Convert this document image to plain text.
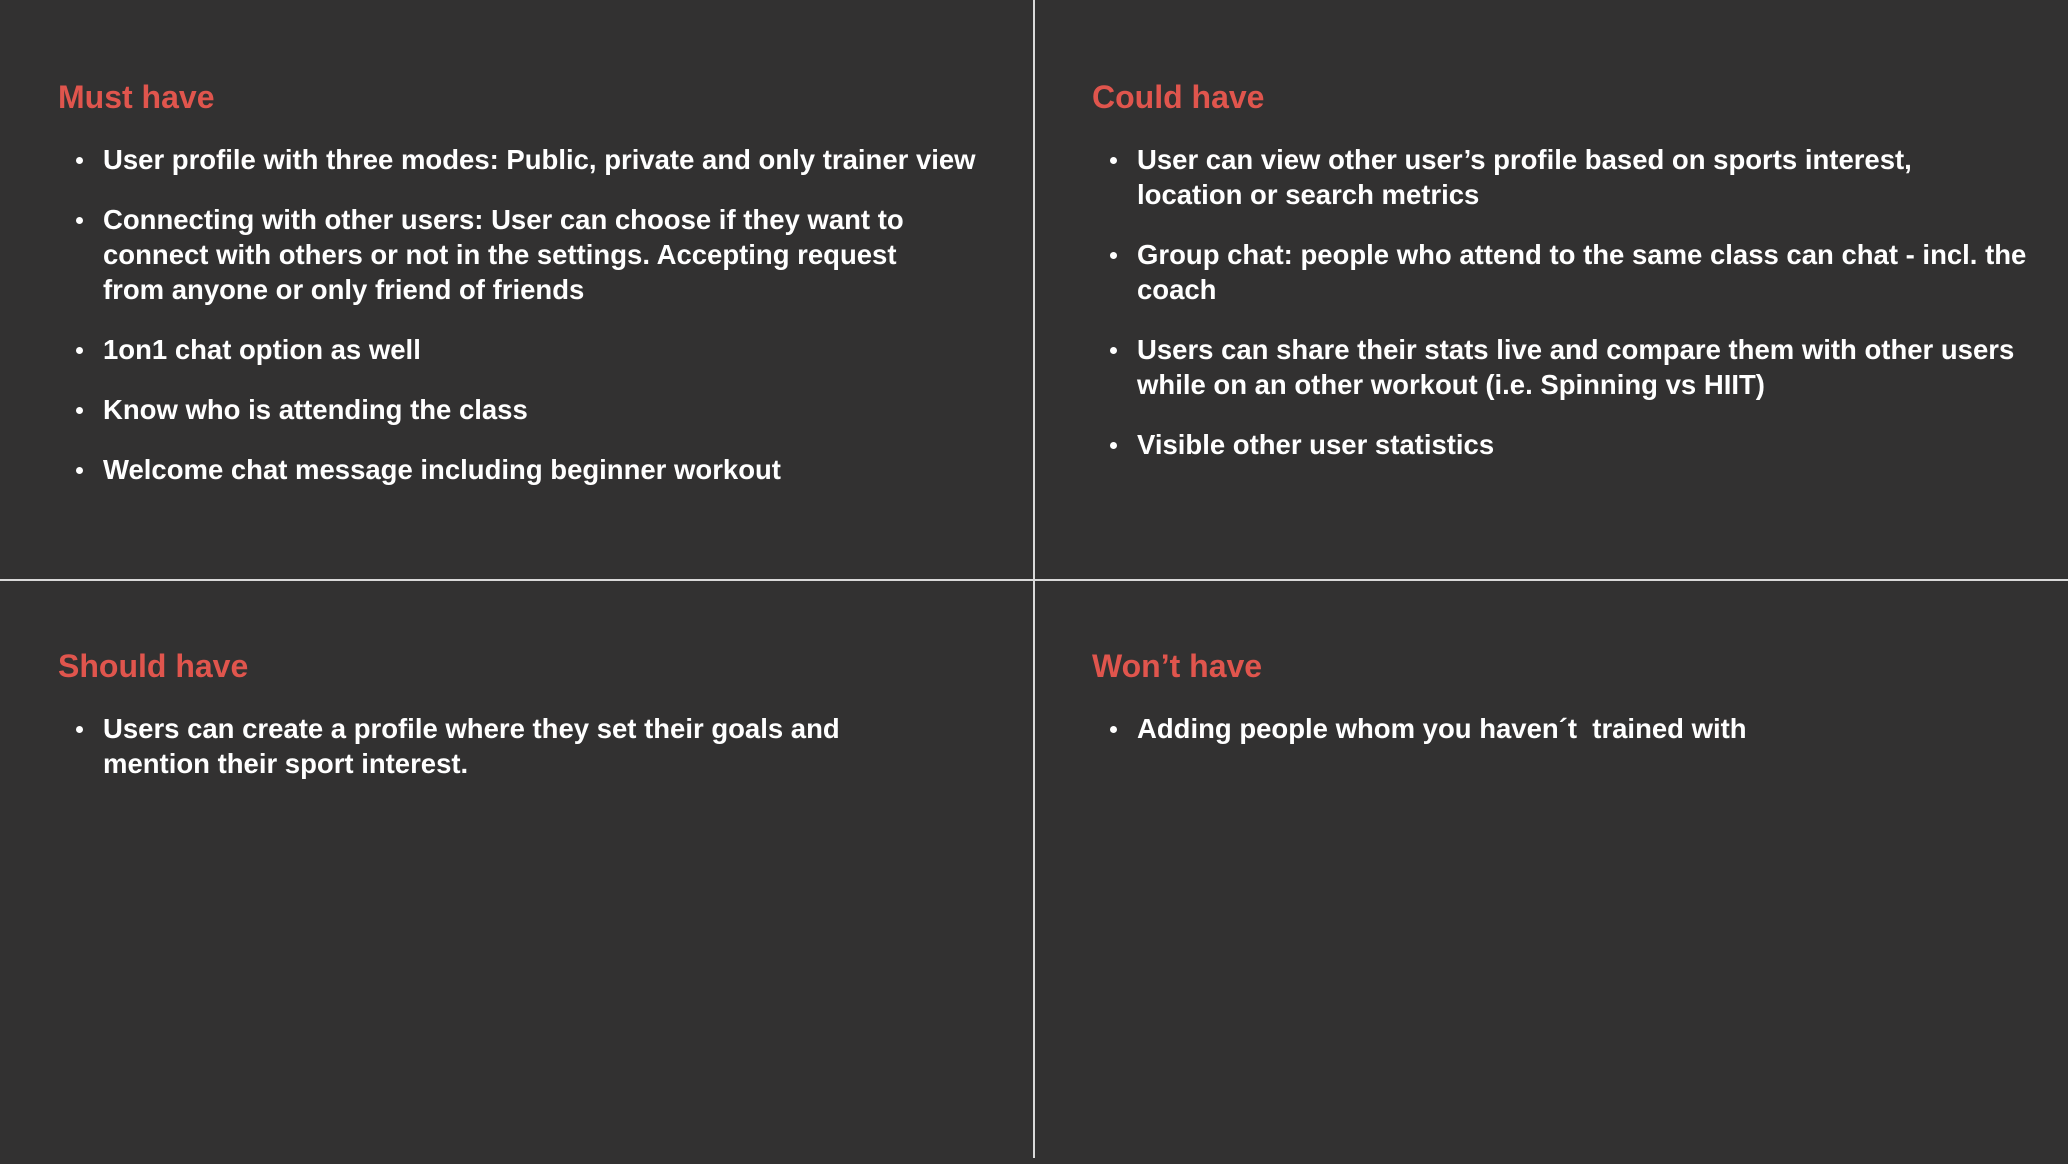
Must have
User profile with three modes: Public, private and only trainer view
Connecting with other users: User can choose if they want to connect with others or not in the settings. Accepting request from anyone or only friend of friends
1on1 chat option as well
Know who is attending the class
Welcome chat message including beginner workout
Could have
User can view other user’s profile based on sports interest, location or search metrics
Group chat: people who attend to the same class can chat - incl. the coach
Users can share their stats live and compare them with other users while on an other workout (i.e. Spinning vs HIIT)
Visible other user statistics
Should have
Users can create a profile where they set their goals and mention their sport interest.
Won’t have
Adding people whom you haven´t  trained with
